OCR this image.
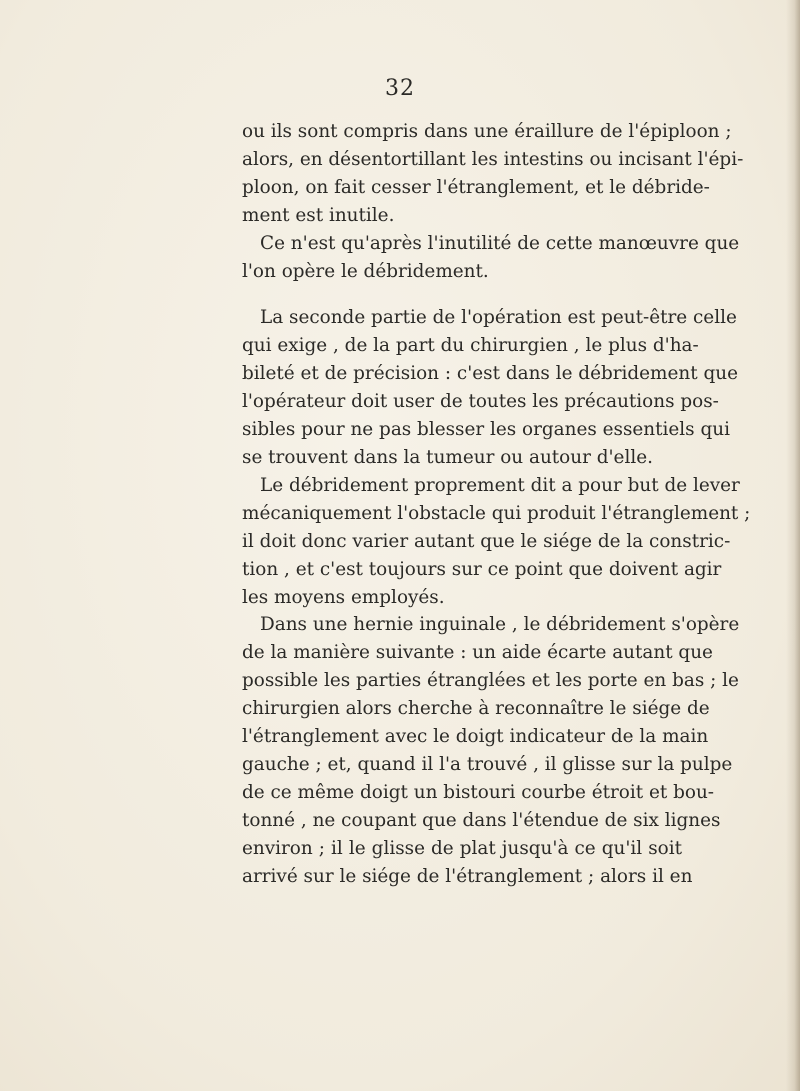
32

ou ils sont compris dans une éraillure de l'épiploon ;
alors, en désentortillant les intestins ou incisant l'épi-
ploon, on fait cesser l'étranglement, et le débride-
ment est inutile.

Ce n'est qu'après l'inutilité de cette manœuvre que
l'on opère le débridement.

La seconde partie de l'opération est peut-être celle
qui exige , de la part du chirurgien , le plus d'ha-
bileté et de précision : c'est dans le débridement que
l'opérateur doit user de toutes les précautions pos-
sibles pour ne pas blesser les organes essentiels qui
se trouvent dans la tumeur ou autour d'elle.

Le débridement proprement dit a pour but de lever
mécaniquement l'obstacle qui produit l'étranglement ;
il doit donc varier autant que le siége de la constric-
tion , et c'est toujours sur ce point que doivent agir
les moyens employés.

Dans une hernie inguinale , le débridement s'opère
de la manière suivante : un aide écarte autant que
possible les parties étranglées et les porte en bas ; le
chirurgien alors cherche à reconnaître le siége de
l'étranglement avec le doigt indicateur de la main
gauche ; et, quand il l'a trouvé , il glisse sur la pulpe
de ce même doigt un bistouri courbe étroit et bou-
tonné , ne coupant que dans l'étendue de six lignes
environ ; il le glisse de plat jusqu'à ce qu'il soit
arrivé sur le siége de l'étranglement ; alors il en
